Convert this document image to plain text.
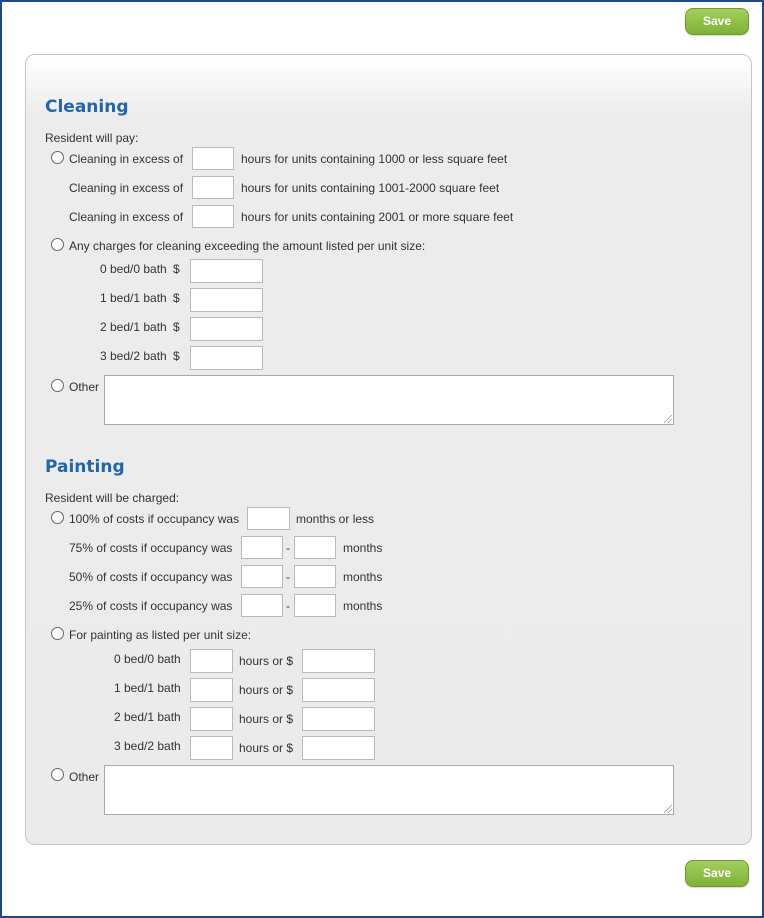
Save
Cleaning
Resident will pay:
Cleaning in excess of	hours for units containing 1000 or less square feet
Cleaning in excess of	hours for units containing 1001-2000 square feet
Cleaning in excess of	hours for units containing 2001 or more square feet
Any charges for cleaning exceeding the amount listed per unit size:
0 bed/0 bath $
1 bed/1 bath $
2 bed/1 bath $
3 bed/2 bath $
Other
Painting
Resident will be charged:
100% of costs if occupancy was	months or less
75% of costs if occupancy was	-	months
50% of costs if occupancy was	-	months
25% of costs if occupancy was	-	months
For painting as listed per unit size:
0 bed/0 bath	hours or $
1 bed/1 bath	hours or $
2 bed/1 bath	hours or $
3 bed/2 bath	hours or $
Other
Save
